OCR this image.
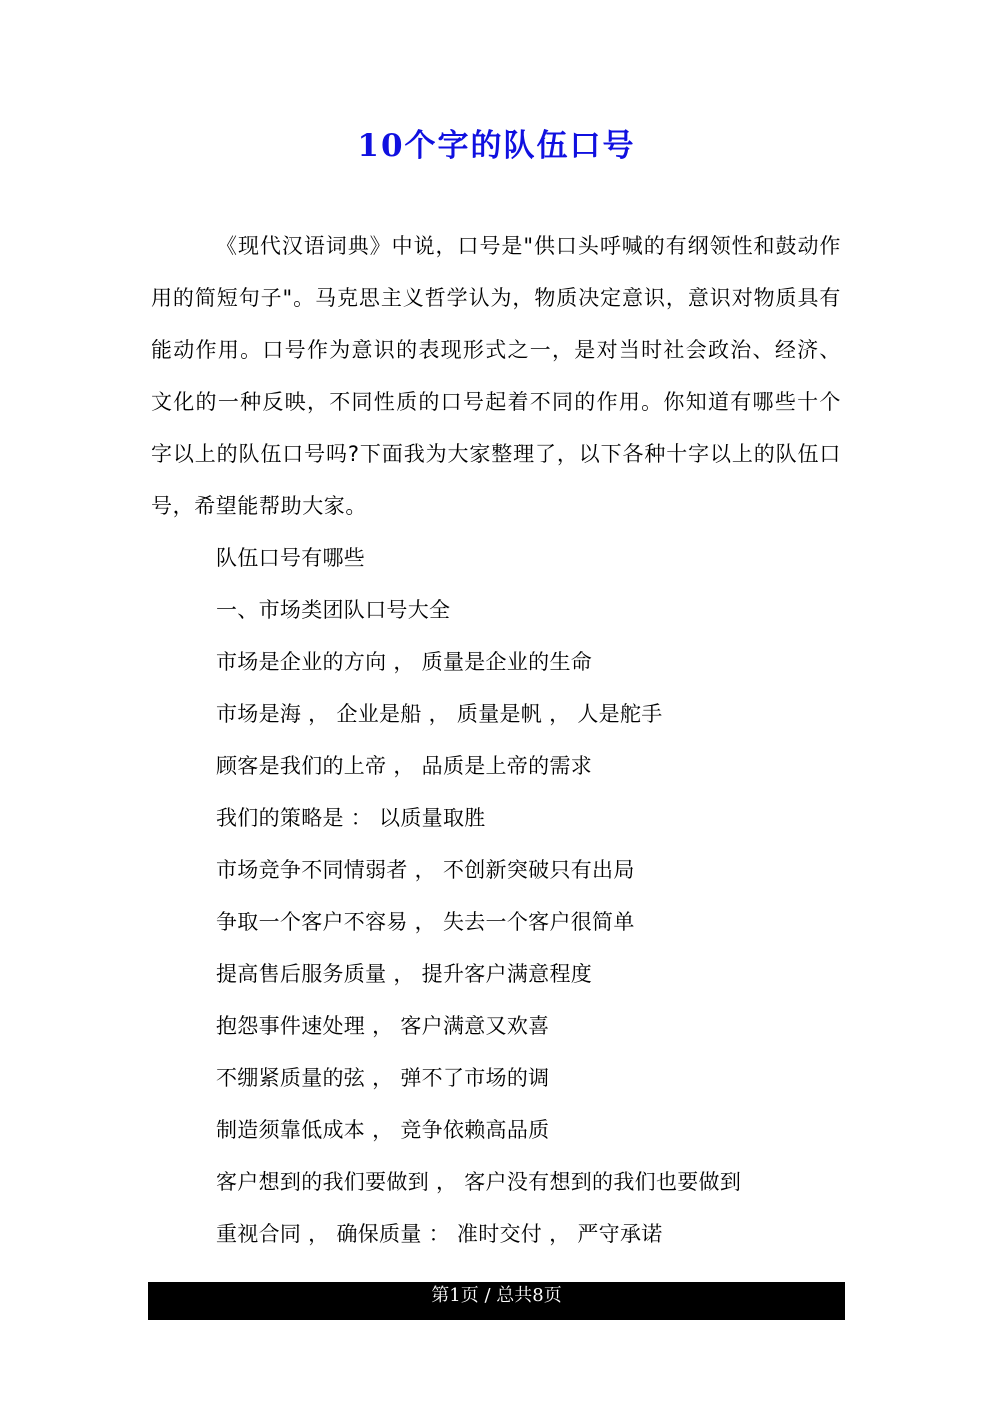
10个字的队伍口号

《现代汉语词典》中说，口号是"供口头呼喊的有纲领性和鼓动作用的简短句子"。马克思主义哲学认为，物质决定意识，意识对物质具有能动作用。口号作为意识的表现形式之一，是对当时社会政治、经济、文化的一种反映，不同性质的口号起着不同的作用。你知道有哪些十个字以上的队伍口号吗?下面我为大家整理了，以下各种十字以上的队伍口号，希望能帮助大家。

队伍口号有哪些

一、市场类团队口号大全

市场是企业的方向 ， 质量是企业的生命

市场是海 ， 企业是船 ， 质量是帆 ， 人是舵手

顾客是我们的上帝 ， 品质是上帝的需求

我们的策略是 ： 以质量取胜

市场竞争不同情弱者 ， 不创新突破只有出局

争取一个客户不容易 ， 失去一个客户很简单

提高售后服务质量 ， 提升客户满意程度

抱怨事件速处理 ， 客户满意又欢喜

不绷紧质量的弦 ， 弹不了市场的调

制造须靠低成本 ， 竞争依赖高品质

客户想到的我们要做到 ， 客户没有想到的我们也要做到

重视合同 ， 确保质量 ： 准时交付 ， 严守承诺

第1页 / 总共8页
